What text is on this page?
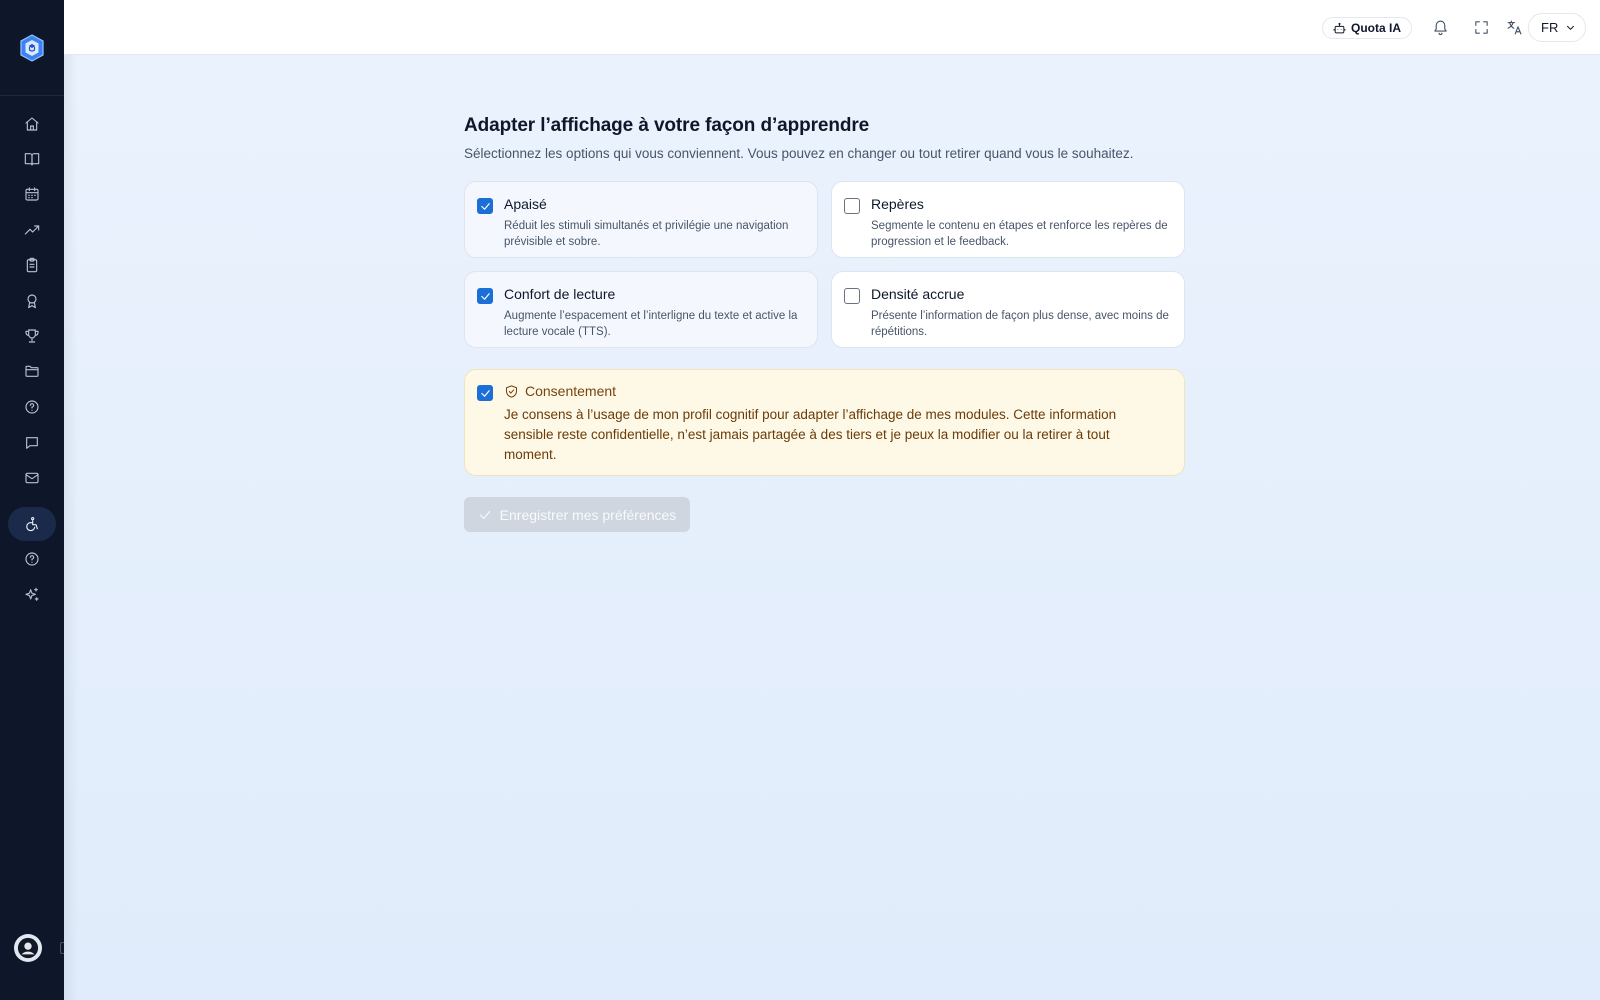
Quota IA	FR
Adapter l’affichage à votre façon d’apprendre

Sélectionnez les options qui vous conviennent. Vous pouvez en changer ou tout retirer quand vous le souhaitez.

Apaisé
Réduit les stimuli simultanés et privilégie une navigation prévisible et sobre.
Repères
Segmente le contenu en étapes et renforce les repères de progression et le feedback.
Confort de lecture
Augmente l’espacement et l’interligne du texte et active la lecture vocale (TTS).
Densité accrue
Présente l’information de façon plus dense, avec moins de répétitions.
Consentement
Je consens à l’usage de mon profil cognitif pour adapter l’affichage de mes modules. Cette information sensible reste confidentielle, n’est jamais partagée à des tiers et je peux la modifier ou la retirer à tout moment.
Enregistrer mes préférences
